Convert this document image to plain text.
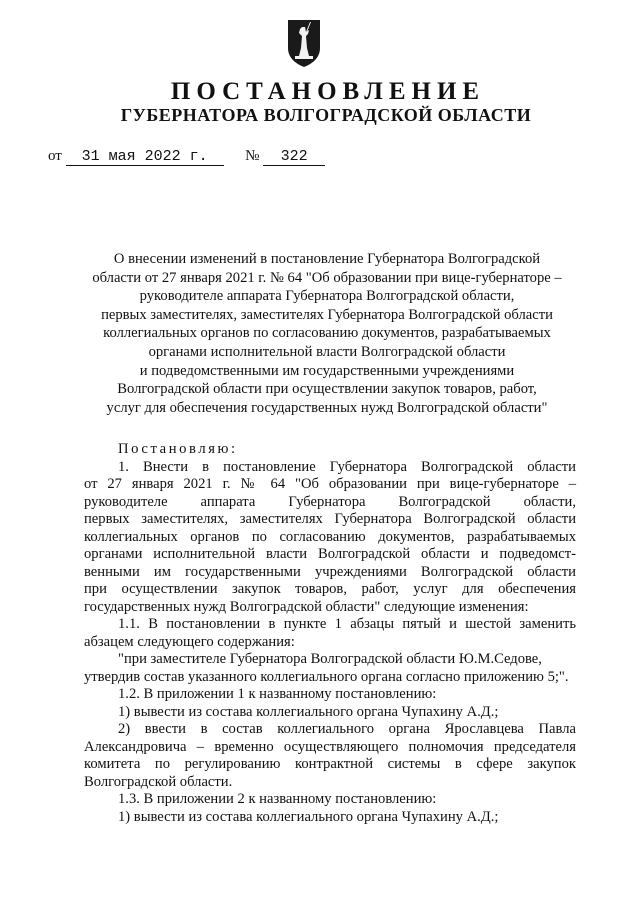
ПОСТАНОВЛЕНИЕ
ГУБЕРНАТОРА ВОЛГОГРАДСКОЙ ОБЛАСТИ
от 31 мая 2022 г. № 322
О внесении изменений в постановление Губернатора Волгоградской
области от 27 января 2021 г. № 64 "Об образовании при вице-губернаторе –
руководителе аппарата Губернатора Волгоградской области,
первых заместителях, заместителях Губернатора Волгоградской области
коллегиальных органов по согласованию документов, разрабатываемых
органами исполнительной власти Волгоградской области
и подведомственными им государственными учреждениями
Волгоградской области при осуществлении закупок товаров, работ,
услуг для обеспечения государственных нужд Волгоградской области"
Постановляю:
1. Внести в постановление Губернатора Волгоградской области
от 27 января 2021 г. № 64 "Об образовании при вице-губернаторе –
руководителе аппарата Губернатора Волгоградской области,
первых заместителях, заместителях Губернатора Волгоградской области
коллегиальных органов по согласованию документов, разрабатываемых
органами исполнительной власти Волгоградской области и подведомст-
венными им государственными учреждениями Волгоградской области
при осуществлении закупок товаров, работ, услуг для обеспечения
государственных нужд Волгоградской области" следующие изменения:
1.1. В постановлении в пункте 1 абзацы пятый и шестой заменить
абзацем следующего содержания:
"при заместителе Губернатора Волгоградской области Ю.М.Седове,
утвердив состав указанного коллегиального органа согласно приложению 5;".
1.2. В приложении 1 к названному постановлению:
1) вывести из состава коллегиального органа Чупахину А.Д.;
2) ввести в состав коллегиального органа Ярославцева Павла
Александровича – временно осуществляющего полномочия председателя
комитета по регулированию контрактной системы в сфере закупок
Волгоградской области.
1.3. В приложении 2 к названному постановлению:
1) вывести из состава коллегиального органа Чупахину А.Д.;
